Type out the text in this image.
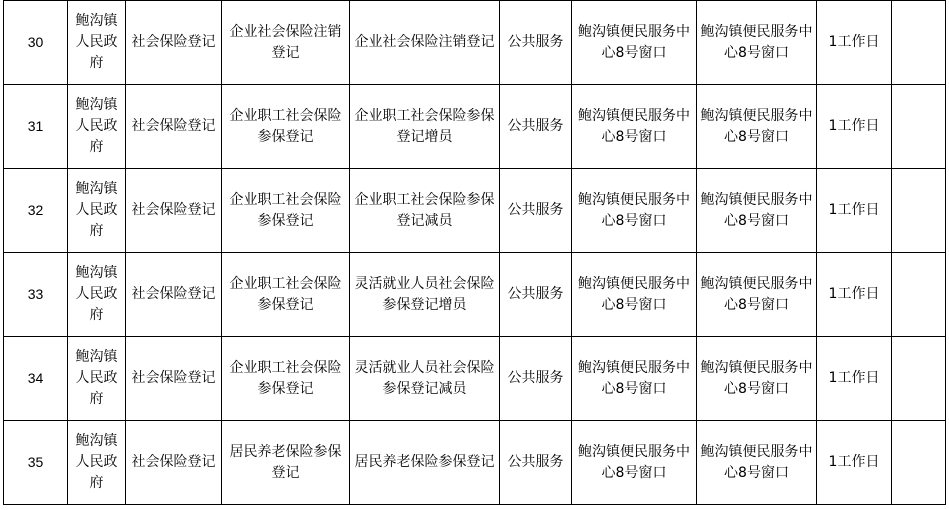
30	鲍沟镇人民政府	社会保险登记	企业社会保险注销登记	企业社会保险注销登记	公共服务	鲍沟镇便民服务中心8号窗口	鲍沟镇便民服务中心8号窗口	1工作日	
31	鲍沟镇人民政府	社会保险登记	企业职工社会保险参保登记	企业职工社会保险参保登记增员	公共服务	鲍沟镇便民服务中心8号窗口	鲍沟镇便民服务中心8号窗口	1工作日	
32	鲍沟镇人民政府	社会保险登记	企业职工社会保险参保登记	企业职工社会保险参保登记减员	公共服务	鲍沟镇便民服务中心8号窗口	鲍沟镇便民服务中心8号窗口	1工作日	
33	鲍沟镇人民政府	社会保险登记	企业职工社会保险参保登记	灵活就业人员社会保险参保登记增员	公共服务	鲍沟镇便民服务中心8号窗口	鲍沟镇便民服务中心8号窗口	1工作日	
34	鲍沟镇人民政府	社会保险登记	企业职工社会保险参保登记	灵活就业人员社会保险参保登记减员	公共服务	鲍沟镇便民服务中心8号窗口	鲍沟镇便民服务中心8号窗口	1工作日	
35	鲍沟镇人民政府	社会保险登记	居民养老保险参保登记	居民养老保险参保登记	公共服务	鲍沟镇便民服务中心8号窗口	鲍沟镇便民服务中心8号窗口	1工作日	
